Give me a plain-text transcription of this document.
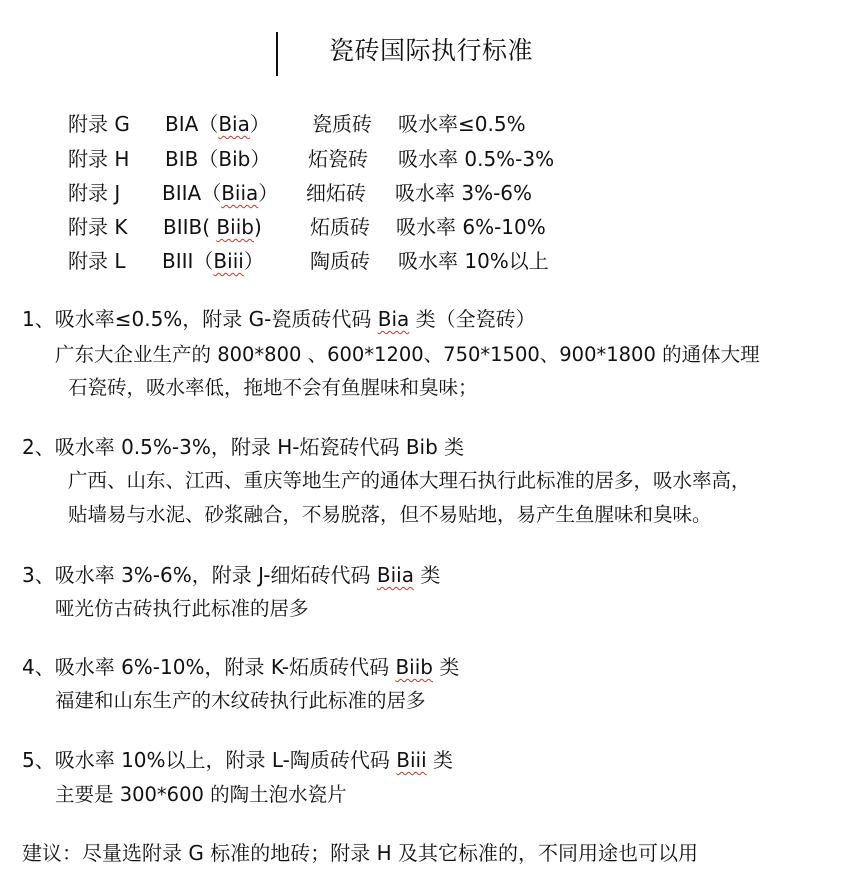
瓷砖国际执行标准
附录 G BIA（Bia） 瓷质砖 吸水率≤0.5%
附录 H BIB（Bib） 炻瓷砖 吸水率 0.5%-3%
附录 J BIIA（Biia） 细炻砖 吸水率 3%-6%
附录 K BIIB( Biib) 炻质砖 吸水率 6%-10%
附录 L BIII（Biii） 陶质砖 吸水率 10%以上
1、吸水率≤0.5%，附录 G-瓷质砖代码 Bia 类（全瓷砖）
广东大企业生产的 800*800 、600*1200、750*1500、900*1800 的通体大理
石瓷砖，吸水率低，拖地不会有鱼腥味和臭味；
2、吸水率 0.5%-3%，附录 H-炻瓷砖代码 Bib 类
广西、山东、江西、重庆等地生产的通体大理石执行此标准的居多，吸水率高，
贴墙易与水泥、砂浆融合，不易脱落，但不易贴地，易产生鱼腥味和臭味。
3、吸水率 3%-6%，附录 J-细炻砖代码 Biia 类
哑光仿古砖执行此标准的居多
4、吸水率 6%-10%，附录 K-炻质砖代码 Biib 类
福建和山东生产的木纹砖执行此标准的居多
5、吸水率 10%以上，附录 L-陶质砖代码 Biii 类
主要是 300*600 的陶土泡水瓷片
建议：尽量选附录 G 标准的地砖；附录 H 及其它标准的，不同用途也可以用
